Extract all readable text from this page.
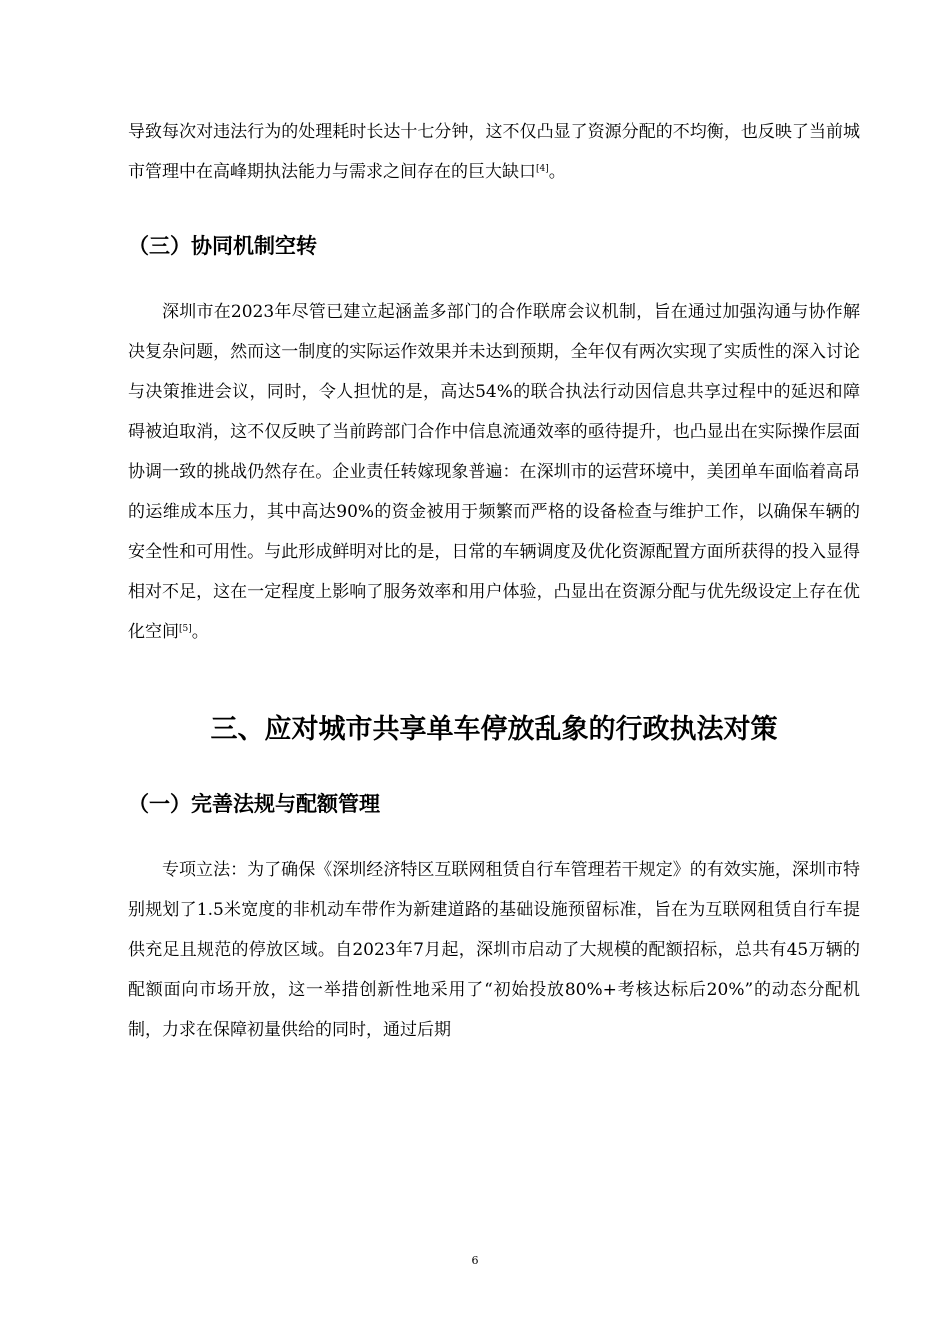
导致每次对违法行为的处理耗时长达十七分钟，这不仅凸显了资源分配的不均衡，也反映了当前城市管理中在高峰期执法能力与需求之间存在的巨大缺口[4]。

（三）协同机制空转

深圳市在2023年尽管已建立起涵盖多部门的合作联席会议机制，旨在通过加强沟通与协作解决复杂问题，然而这一制度的实际运作效果并未达到预期，全年仅有两次实现了实质性的深入讨论与决策推进会议，同时，令人担忧的是，高达54%的联合执法行动因信息共享过程中的延迟和障碍被迫取消，这不仅反映了当前跨部门合作中信息流通效率的亟待提升，也凸显出在实际操作层面协调一致的挑战仍然存在。企业责任转嫁现象普遍：在深圳市的运营环境中，美团单车面临着高昂的运维成本压力，其中高达90%的资金被用于频繁而严格的设备检查与维护工作，以确保车辆的安全性和可用性。与此形成鲜明对比的是，日常的车辆调度及优化资源配置方面所获得的投入显得相对不足，这在一定程度上影响了服务效率和用户体验，凸显出在资源分配与优先级设定上存在优化空间[5]。

三、应对城市共享单车停放乱象的行政执法对策
（一）完善法规与配额管理

专项立法：为了确保《深圳经济特区互联网租赁自行车管理若干规定》的有效实施，深圳市特别规划了1.5米宽度的非机动车带作为新建道路的基础设施预留标准，旨在为互联网租赁自行车提供充足且规范的停放区域。自2023年7月起，深圳市启动了大规模的配额招标，总共有45万辆的配额面向市场开放，这一举措创新性地采用了“初始投放80%+考核达标后20%”的动态分配机制，力求在保障初量供给的同时，通过后期

6
